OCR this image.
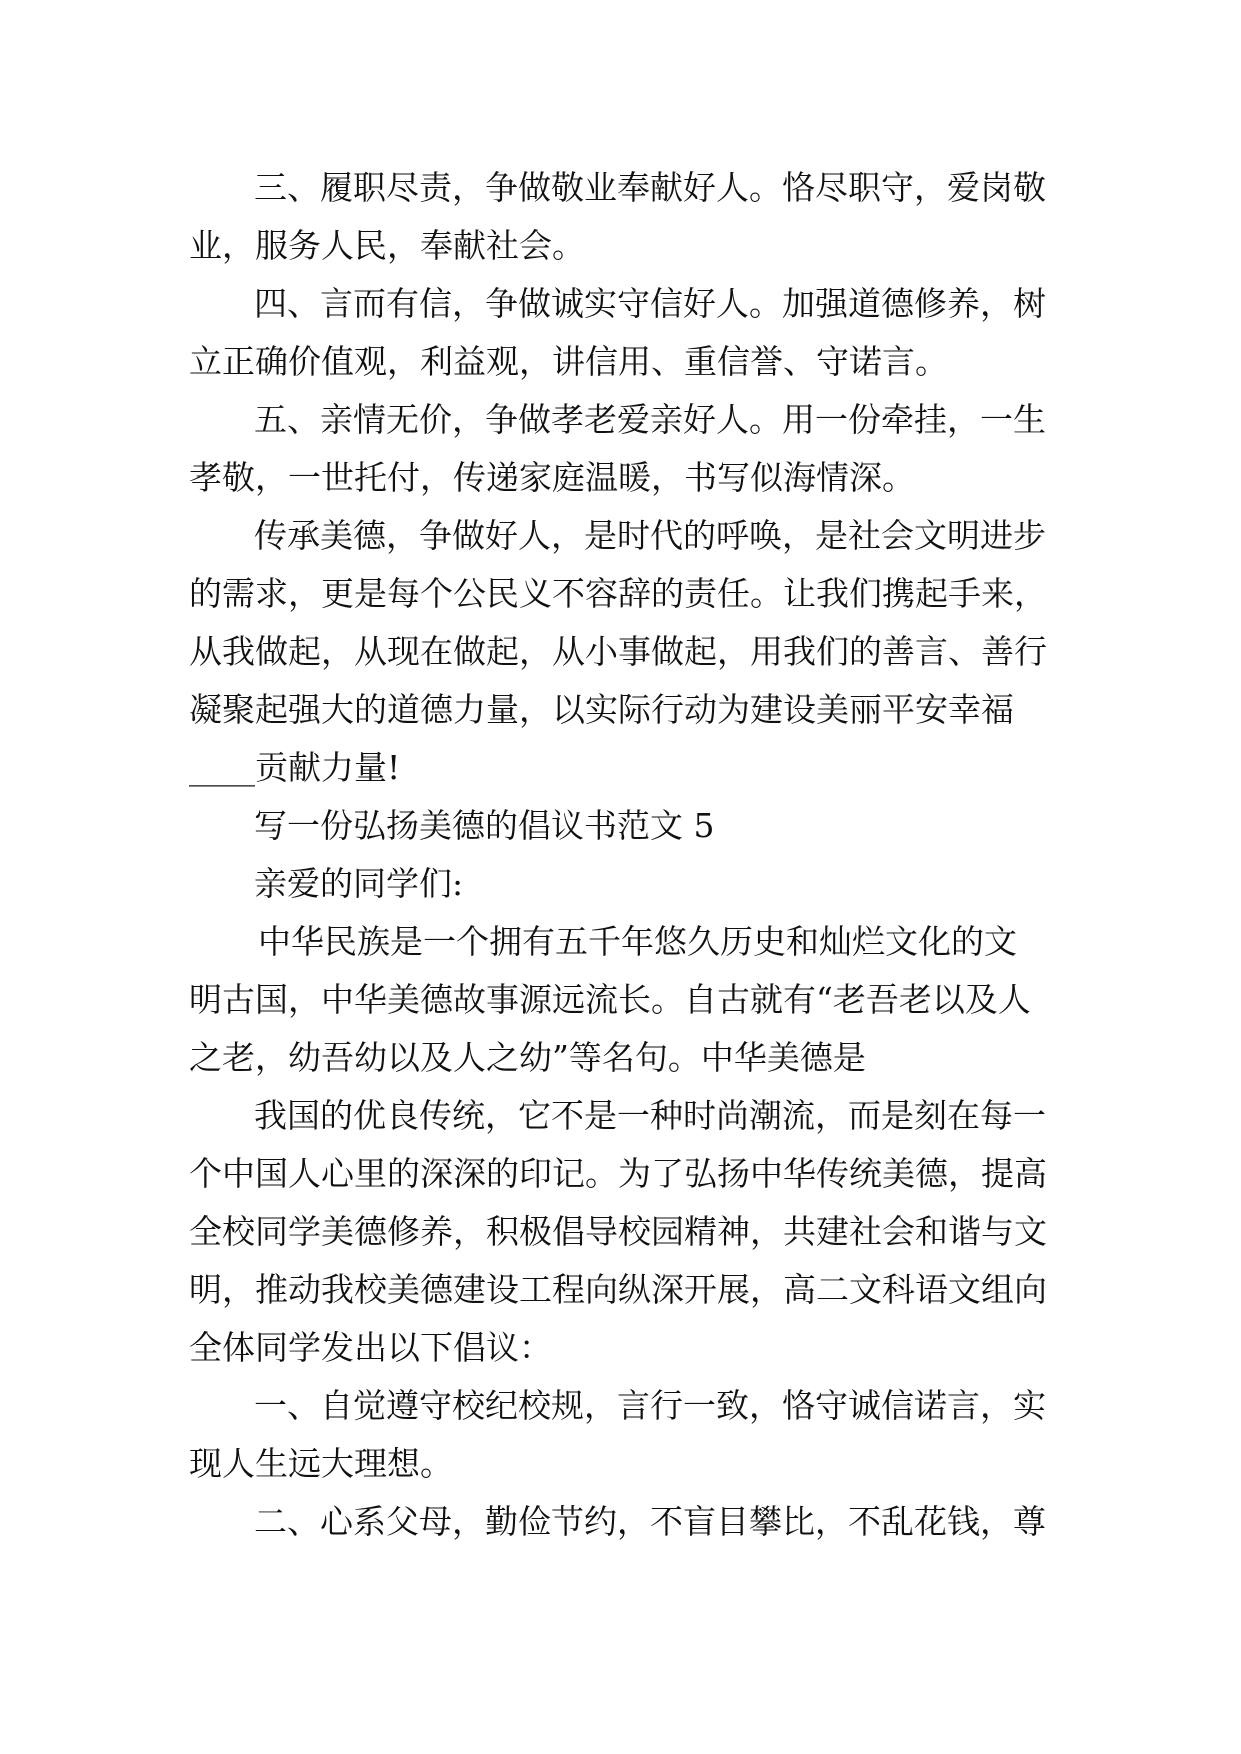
三、履职尽责，争做敬业奉献好人。恪尽职守，爱岗敬

业，服务人民，奉献社会。

四、言而有信，争做诚实守信好人。加强道德修养，树

立正确价值观，利益观，讲信用、重信誉、守诺言。

五、亲情无价，争做孝老爱亲好人。用一份牵挂，一生

孝敬，一世托付，传递家庭温暖，书写似海情深。

传承美德，争做好人，是时代的呼唤，是社会文明进步

的需求，更是每个公民义不容辞的责任。让我们携起手来，

从我做起，从现在做起，从小事做起，用我们的善言、善行

凝聚起强大的道德力量，以实际行动为建设美丽平安幸福

____贡献力量!

写一份弘扬美德的倡议书范文 5

亲爱的同学们:

中华民族是一个拥有五千年悠久历史和灿烂文化的文

明古国，中华美德故事源远流长。自古就有“老吾老以及人

之老，幼吾幼以及人之幼”等名句。中华美德是

我国的优良传统，它不是一种时尚潮流，而是刻在每一

个中国人心里的深深的印记。为了弘扬中华传统美德，提高

全校同学美德修养，积极倡导校园精神，共建社会和谐与文

明，推动我校美德建设工程向纵深开展，高二文科语文组向

全体同学发出以下倡议：

一、自觉遵守校纪校规，言行一致，恪守诚信诺言，实

现人生远大理想。

二、心系父母，勤俭节约，不盲目攀比，不乱花钱，尊
